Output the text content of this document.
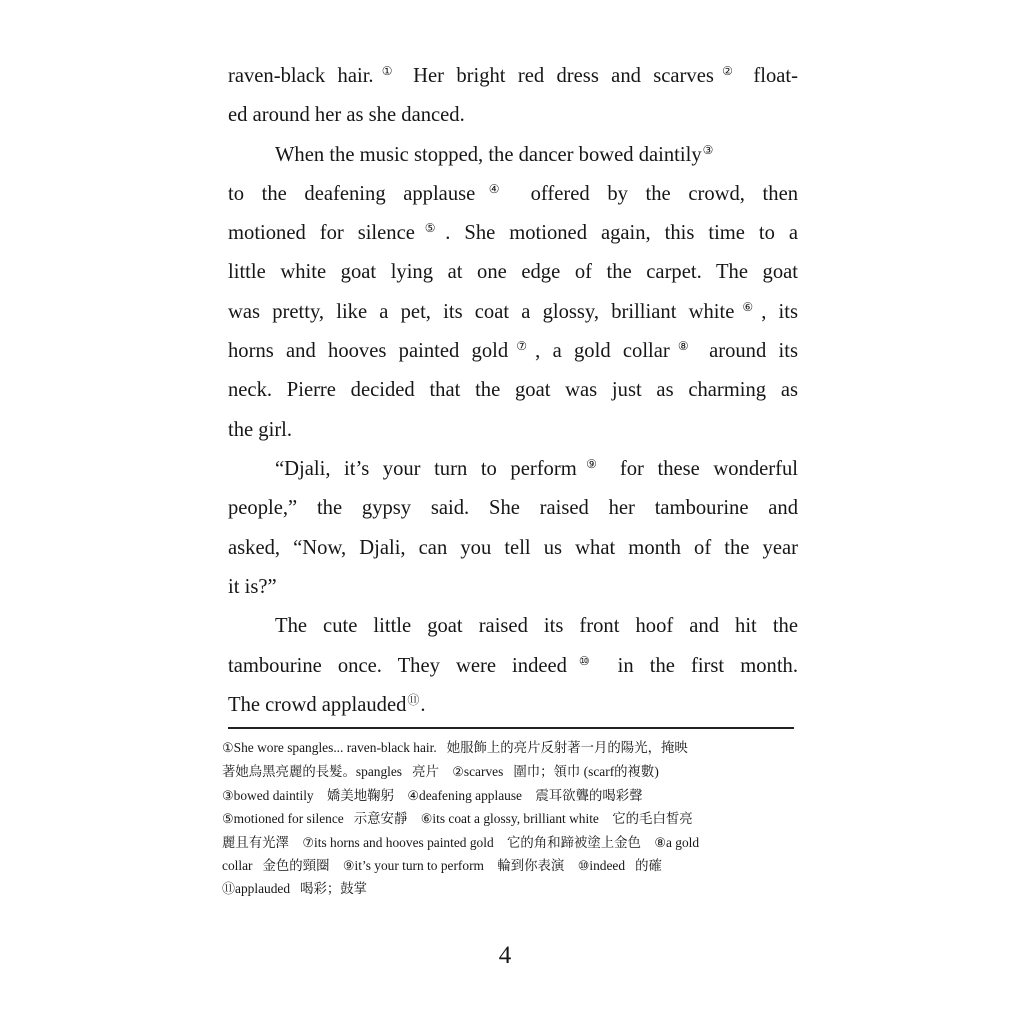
raven-black hair.① Her bright red dress and scarves② float-
ed around her as she danced.
When the music stopped, the dancer bowed daintily③
to the deafening applause④ offered by the crowd, then
motioned for silence⑤. She motioned again, this time to a
little white goat lying at one edge of the carpet. The goat
was pretty, like a pet, its coat a glossy, brilliant white⑥, its
horns and hooves painted gold⑦, a gold collar⑧ around its
neck. Pierre decided that the goat was just as charming as
the girl.
“Djali, it’s your turn to perform⑨ for these wonderful
people,” the gypsy said. She raised her tambourine and
asked, “Now, Djali, can you tell us what month of the year
it is?”
The cute little goat raised its front hoof and hit the
tambourine once. They were indeed⑩ in the first month.
The crowd applauded⑪.
①She wore spangles... raven-black hair. 她服飾上的亮片反射著一月的陽光，掩映
著她烏黑亮麗的長髮。spangles 亮片 ②scarves 圍巾；領巾 (scarf的複數)
③bowed daintily 嬌美地鞠躬 ④deafening applause 震耳欲聾的喝彩聲
⑤motioned for silence 示意安靜 ⑥its coat a glossy, brilliant white 它的毛白皙亮
麗且有光澤 ⑦its horns and hooves painted gold 它的角和蹄被塗上金色 ⑧a gold
collar 金色的頸圈 ⑨it’s your turn to perform 輪到你表演 ⑩indeed 的確
⑪applauded 喝彩；鼓掌
4
